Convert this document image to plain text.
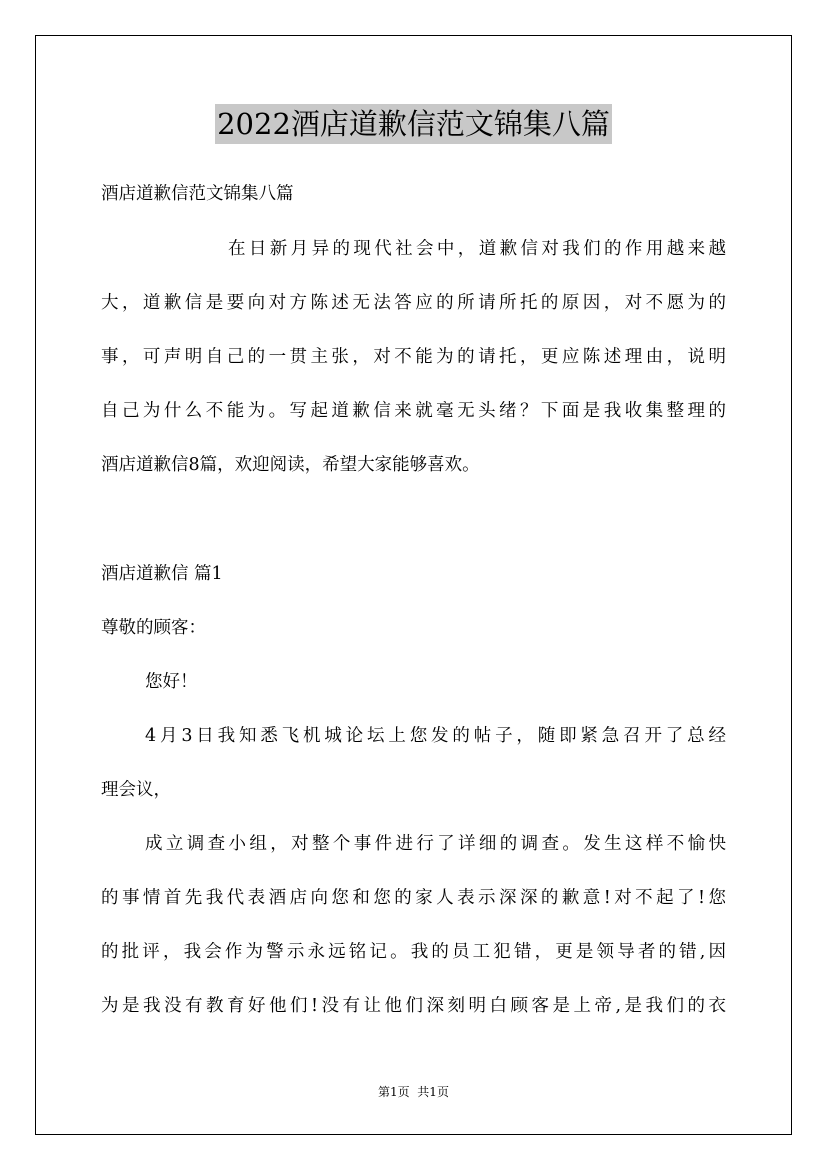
2022酒店道歉信范文锦集八篇
酒店道歉信范文锦集八篇
在日新月异的现代社会中，道歉信对我们的作用越来越
大，道歉信是要向对方陈述无法答应的所请所托的原因，对不愿为的
事，可声明自己的一贯主张，对不能为的请托，更应陈述理由，说明
自己为什么不能为。写起道歉信来就毫无头绪？下面是我收集整理的
酒店道歉信8篇，欢迎阅读，希望大家能够喜欢。
酒店道歉信 篇1
尊敬的顾客：
您好！
4月3日我知悉飞机城论坛上您发的帖子，随即紧急召开了总经
理会议，
成立调查小组，对整个事件进行了详细的调查。发生这样不愉快
的事情首先我代表酒店向您和您的家人表示深深的歉意!对不起了!您
的批评，我会作为警示永远铭记。我的员工犯错，更是领导者的错,因
为是我没有教育好他们!没有让他们深刻明白顾客是上帝,是我们的衣
第1页  共1页
